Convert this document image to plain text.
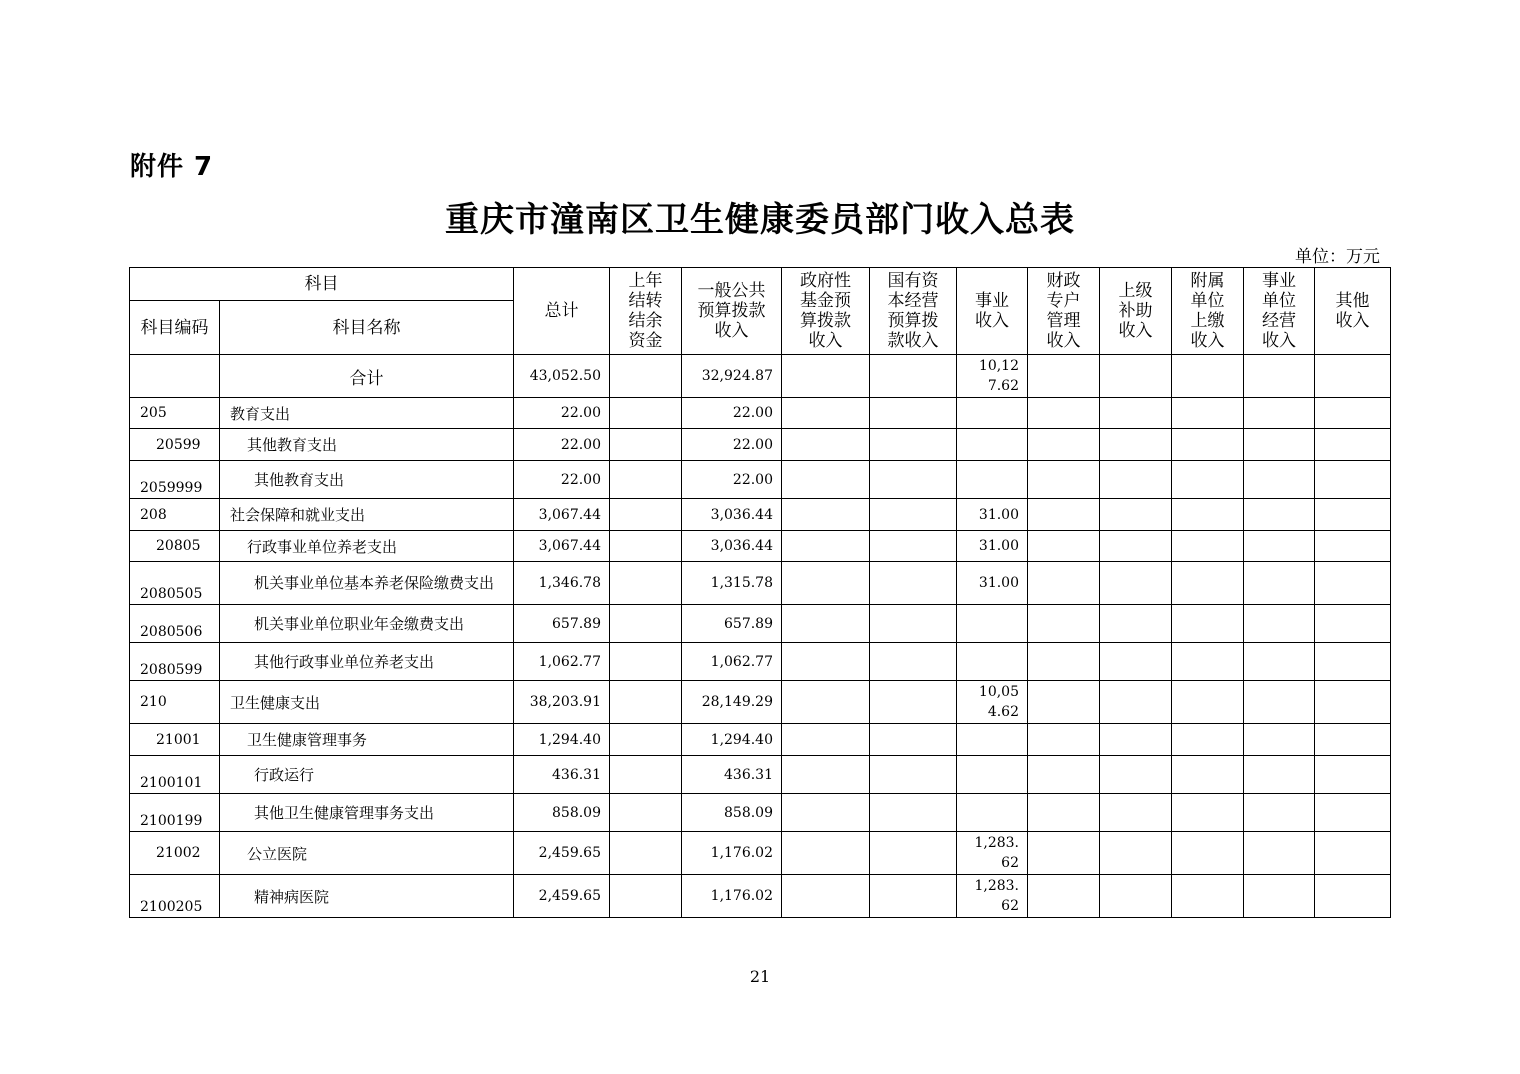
附件 7
重庆市潼南区卫生健康委员部门收入总表
单位：万元
科目		总计	上年结转结余资金	一般公共预算拨款收入	政府性基金预算拨款收入	国有资本经营预算拨款收入	事业收入	财政专户管理收入	上级补助收入	附属单位上缴收入	事业单位经营收入	其他收入

科目编码	科目名称											
	合计	43,052.50		32,924.87			10,127.62					

205	教育支出	22.00		22.00								
20599	其他教育支出	22.00		22.00								
2059999	其他教育支出	22.00		22.00								
208	社会保障和就业支出	3,067.44		3,036.44			31.00					
20805	行政事业单位养老支出	3,067.44		3,036.44			31.00					
2080505	机关事业单位基本养老保险缴费支出	1,346.78		1,315.78			31.00					
2080506	机关事业单位职业年金缴费支出	657.89		657.89								
2080599	其他行政事业单位养老支出	1,062.77		1,062.77								
210	卫生健康支出	38,203.91		28,149.29			10,054.62					

21001	卫生健康管理事务	1,294.40		1,294.40								
2100101	行政运行	436.31		436.31								
2100199	其他卫生健康管理事务支出	858.09		858.09								
21002	公立医院	2,459.65		1,176.02			1,283.62					

2100205	精神病医院	2,459.65		1,176.02			1,283.62					

21
